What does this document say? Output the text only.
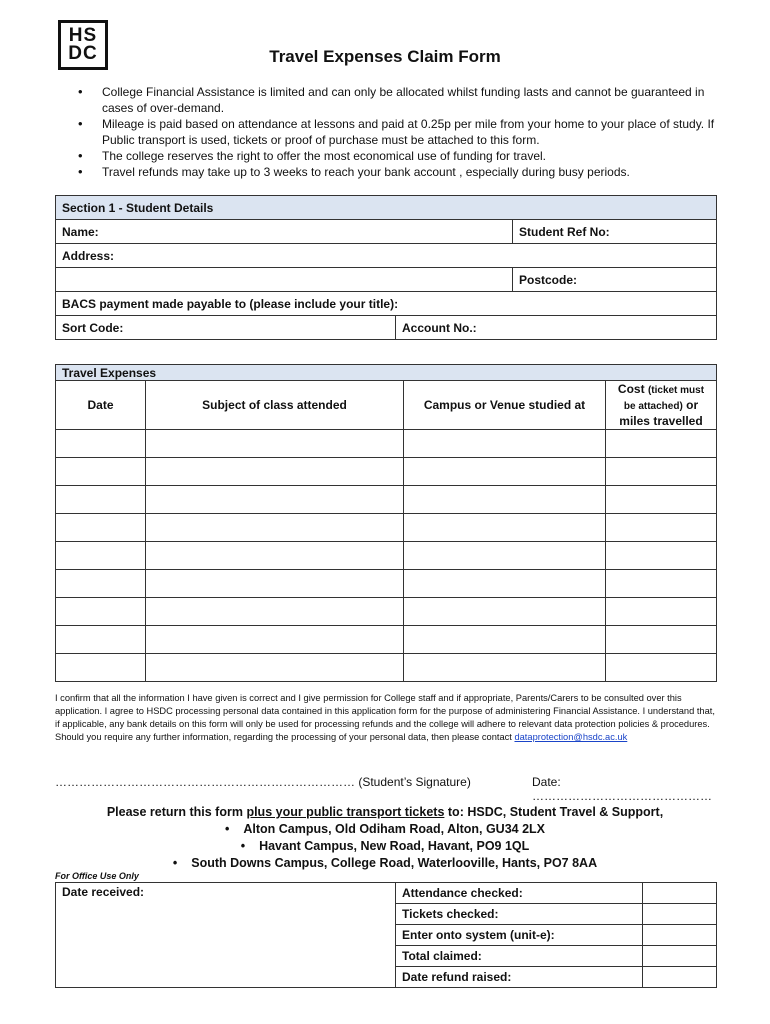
HS
DC	Travel Expenses Claim Form
• College Financial Assistance is limited and can only be allocated whilst funding lasts and cannot be guaranteed in cases of over-demand.
• Mileage is paid based on attendance at lessons and paid at 0.25p per mile from your home to your place of study. If Public transport is used, tickets or proof of purchase must be attached to this form.
• The college reserves the right to offer the most economical use of funding for travel.
• Travel refunds may take up to 3 weeks to reach your bank account , especially during busy periods.
Section 1 - Student Details		
Name:		Student Ref No:
Address:		
		Postcode:
BACS payment made payable to (please include your title):		
Sort Code:	Account No.:	
Travel Expenses			
Date	Subject of class attended	Campus or Venue studied at	Cost (ticket must be attached) or miles travelled

I confirm that all the information I have given is correct and I give permission for College staff and if appropriate, Parents/Carers to be consulted over this application. I agree to HSDC processing personal data contained in this application form for the purpose of administering Financial Assistance. I understand that, if applicable, any bank details on this form will only be used for processing refunds and the college will adhere to relevant data protection policies & procedures. Should you require any further information, regarding the processing of your personal data, then please contact dataprotection@hsdc.ac.uk
………………………………………………………………… (Student’s Signature)	Date: ………………………………………
Please return this form plus your public transport tickets to: HSDC, Student Travel & Support,
• Alton Campus, Old Odiham Road, Alton, GU34 2LX
• Havant Campus, New Road, Havant, PO9 1QL
• South Downs Campus, College Road, Waterlooville, Hants, PO7 8AA
For Office Use Only
Date received:	Attendance checked:	
	Tickets checked:	
	Enter onto system (unit-e):	
	Total claimed:	
	Date refund raised:	
